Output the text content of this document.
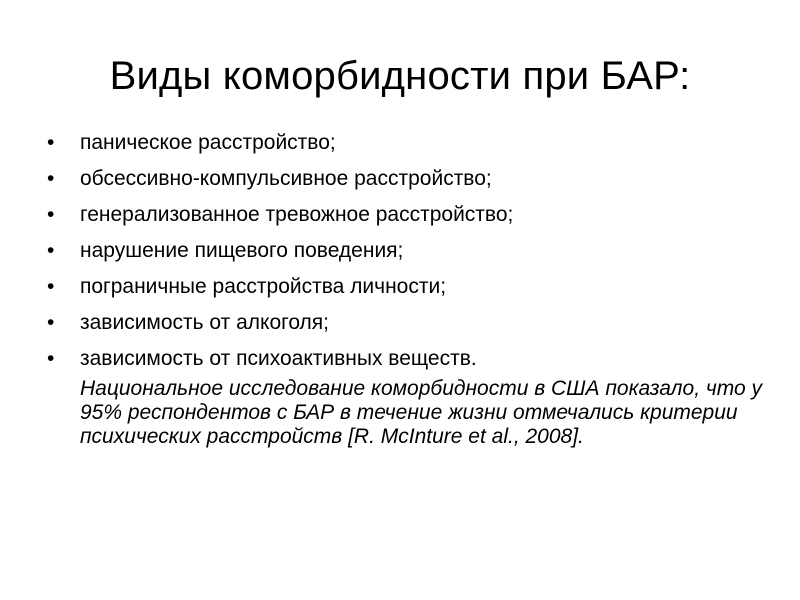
Виды коморбидности при БАР:
• паническое расстройство;
• обсессивно-компульсивное расстройство;
• генерализованное тревожное расстройство;
• нарушение пищевого поведения;
• пограничные расстройства личности;
• зависимость от алкоголя;
• зависимость от психоактивных веществ.

Национальное исследование коморбидности в США показало, что у 95% респондентов с БАР в течение жизни отмечались критерии психических расстройств [R. McInture et al., 2008].
